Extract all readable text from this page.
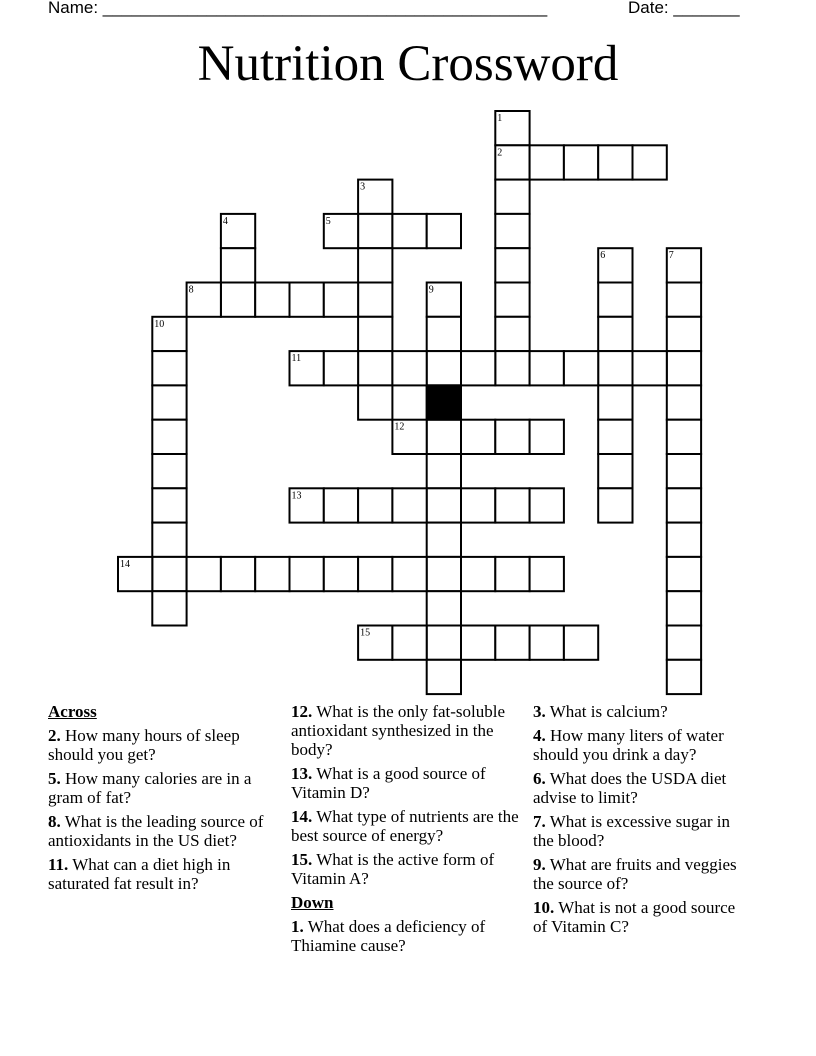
Name: _______________________________________________	Date: _______
Nutrition Crossword
1
2
3
4	5
6	7
8	9
10
11
12
13
14
15
Across
2. How many hours of sleep should you get?
5. How many calories are in a gram of fat?
8. What is the leading source of antioxidants in the US diet?
11. What can a diet high in saturated fat result in?
12. What is the only fat-soluble antioxidant synthesized in the body?
13. What is a good source of Vitamin D?
14. What type of nutrients are the best source of energy?
15. What is the active form of Vitamin A?
Down
1. What does a deficiency of Thiamine cause?
3. What is calcium?
4. How many liters of water should you drink a day?
6. What does the USDA diet advise to limit?
7. What is excessive sugar in the blood?
9. What are fruits and veggies the source of?
10. What is not a good source of Vitamin C?
